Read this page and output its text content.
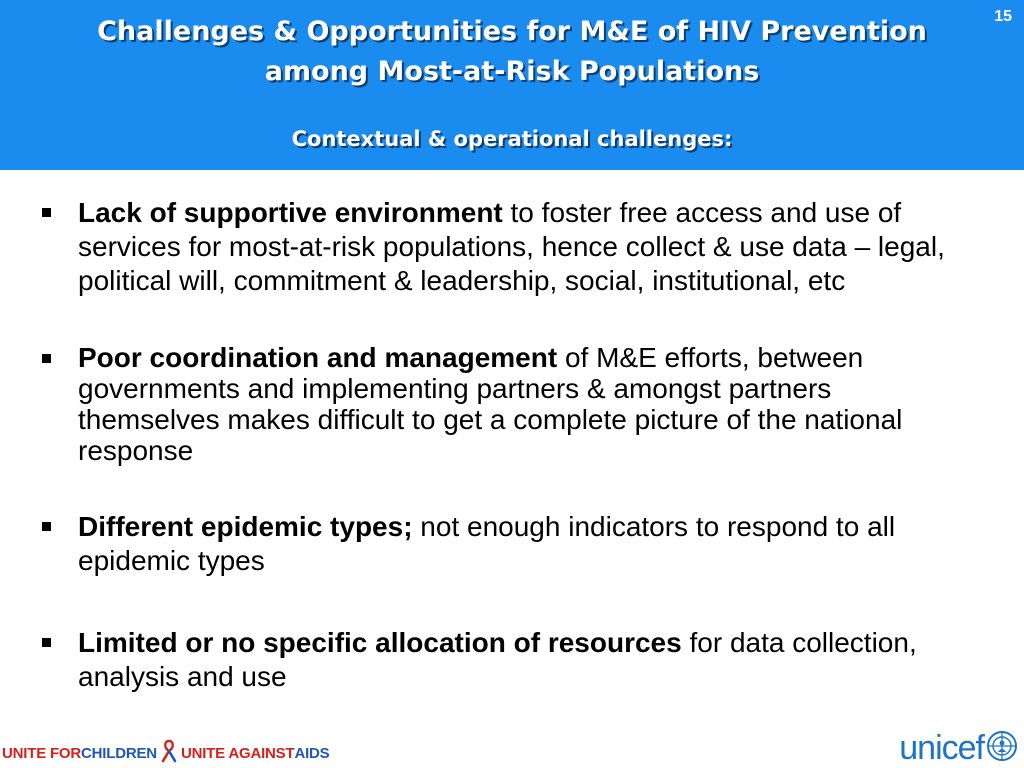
Challenges & Opportunities for M&E of HIV Prevention
among Most-at-Risk Populations
Contextual & operational challenges:
15
Lack of supportive environment to foster free access and use of services for most-at-risk populations, hence collect & use data – legal, political will, commitment & leadership, social, institutional, etc
Poor coordination and management of M&E efforts, between governments and implementing partners & amongst partners themselves makes difficult to get a complete picture of the national response
Different epidemic types; not enough indicators to respond to all epidemic types
Limited or no specific allocation of resources for data collection, analysis and use
UNITE FOR CHILDREN UNITE AGAINST AIDS	unicef
